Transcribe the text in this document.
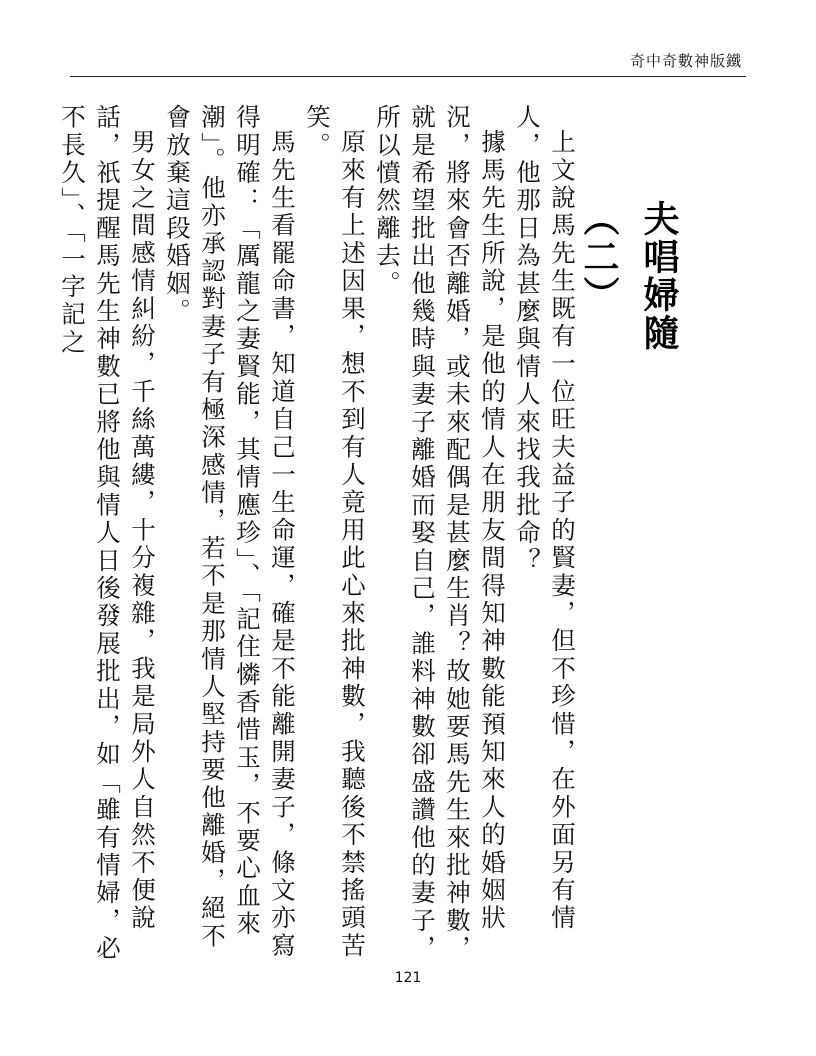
奇中奇數神版鐵
夫唱婦隨（二）

上文說馬先生既有一位旺夫益子的賢妻，但不珍惜，在外面另有情人，他那日為甚麼與情人來找我批命？

據馬先生所說，是他的情人在朋友間得知神數能預知來人的婚姻狀況，將來會否離婚，或未來配偶是甚麼生肖？故她要馬先生來批神數，就是希望批出他幾時與妻子離婚而娶自己，誰料神數卻盛讚他的妻子，所以憤然離去。

原來有上述因果，想不到有人竟用此心來批神數，我聽後不禁搖頭苦笑。

馬先生看罷命書，知道自己一生命運，確是不能離開妻子，條文亦寫得明確：「厲龍之妻賢能，其情應珍」、「記住憐香惜玉，不要心血來潮」。他亦承認對妻子有極深感情，若不是那情人堅持要他離婚，絕不會放棄這段婚姻。

男女之間感情糾紛，千絲萬縷，十分複雜，我是局外人自然不便說話，祇提醒馬先生神數已將他與情人日後發展批出，如「雖有情婦，必不長久」、「一字記之

121
